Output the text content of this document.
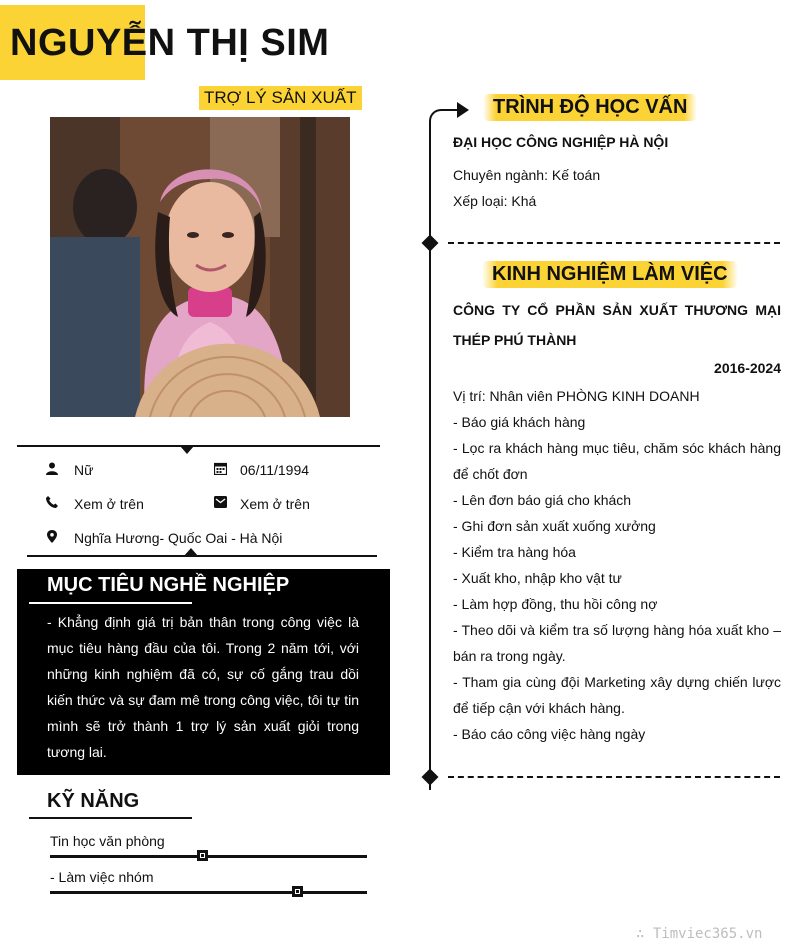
NGUYỄN THỊ SIM
TRỢ LÝ SẢN XUẤT
Nữ	06/11/1994
Xem ở trên	Xem ở trên
Nghĩa Hương- Quốc Oai - Hà Nội
MỤC TIÊU NGHỀ NGHIỆP
- Khẳng định giá trị bản thân trong công việc là mục tiêu hàng đầu của tôi. Trong 2 năm tới, với những kinh nghiệm đã có, sự cố gắng trau dồi kiến thức và sự đam mê trong công việc, tôi tự tin mình sẽ trở thành 1 trợ lý sản xuất giỏi trong tương lai.
KỸ NĂNG
Tin học văn phòng
- Làm việc nhóm
TRÌNH ĐỘ HỌC VẤN
ĐẠI HỌC CÔNG NGHIỆP HÀ NỘI
Chuyên ngành: Kế toán
Xếp loại: Khá
KINH NGHIỆM LÀM VIỆC
CÔNG TY CỔ PHẦN SẢN XUẤT THƯƠNG MẠI THÉP PHÚ THÀNH
2016-2024
Vị trí: Nhân viên PHÒNG KINH DOANH
- Báo giá khách hàng
- Lọc ra khách hàng mục tiêu, chăm sóc khách hàng để chốt đơn
- Lên đơn báo giá cho khách
- Ghi đơn sản xuất xuống xưởng
- Kiểm tra hàng hóa
- Xuất kho, nhập kho vật tư
- Làm hợp đồng, thu hồi công nợ
- Theo dõi và kiểm tra số lượng hàng hóa xuất kho – bán ra trong ngày.
- Tham gia cùng đội Marketing xây dựng chiến lược để tiếp cận với khách hàng.
- Báo cáo công việc hàng ngày
∴ Timviec365.vn
